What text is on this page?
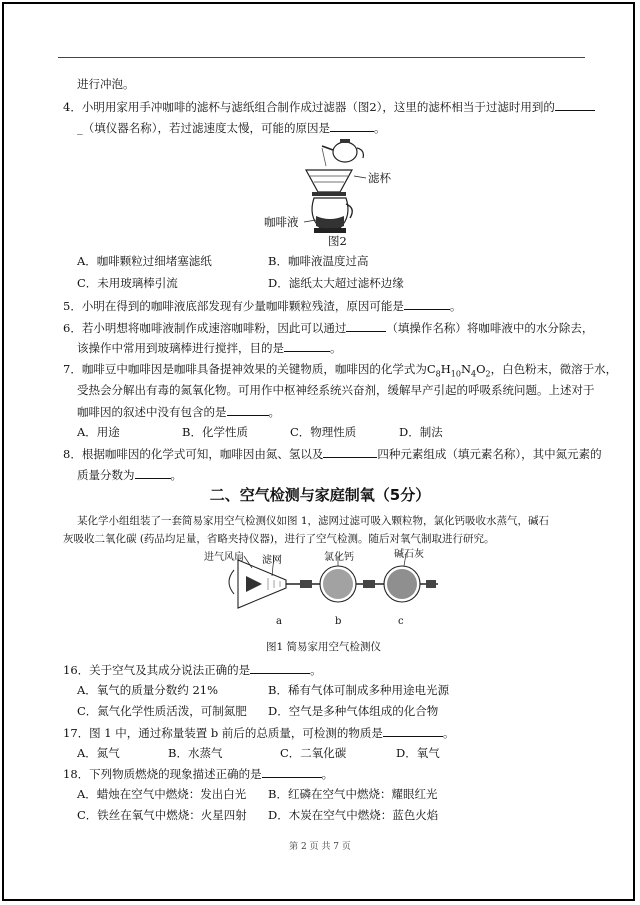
进行冲泡。
4．小明用家用手冲咖啡的滤杯与滤纸组合制作成过滤器（图2），这里的滤杯相当于过滤时用到的
_（填仪器名称），若过滤速度太慢，可能的原因是	。
滤杯
咖啡液
图2
A．咖啡颗粒过细堵塞滤纸	B．咖啡液温度过高
C．未用玻璃棒引流	D．滤纸太大超过滤杯边缘
5．小明在得到的咖啡液底部发现有少量咖啡颗粒残渣，原因可能是	。
6．若小明想将咖啡液制作成速溶咖啡粉，因此可以通过	（填操作名称）将咖啡液中的水分除去，
该操作中常用到玻璃棒进行搅拌，目的是	。
7．咖啡豆中咖啡因是咖啡具备提神效果的关键物质，咖啡因的化学式为$C_8H_{10}N_4O_2$，白色粉末，微溶于水，
受热会分解出有毒的氮氧化物。可用作中枢神经系统兴奋剂，缓解早产引起的呼吸系统问题。上述对于
咖啡因的叙述中没有包含的是	。
A．用途	B．化学性质	C．物理性质	D．制法
8．根据咖啡因的化学式可知，咖啡因由氮、氢以及	四种元素组成（填元素名称），其中氮元素的
质量分数为	。
二、空气检测与家庭制氧（5分）
某化学小组组装了一套简易家用空气检测仪如图 1，滤网过滤可吸入颗粒物，氯化钙吸收水蒸气，碱石
灰吸收二氧化碳 (药品均足量，省略夹持仪器)，进行了空气检测。随后对氧气制取进行研究。
进气风扇 滤网	氯化钙	碱石灰
a	b	c
图1 简易家用空气检测仪
16．关于空气及其成分说法正确的是	。
A．氧气的质量分数约 21%	B．稀有气体可制成多种用途电光源
C．氮气化学性质活泼，可制氮肥 D．空气是多种气体组成的化合物
17．图 1 中，通过称量装置 b 前后的总质量，可检测的物质是	。
A．氮气	B．水蒸气	C．二氧化碳	D．氧气
18．下列物质燃烧的现象描述正确的是	。
A．蜡烛在空气中燃烧：发出白光 B．红磷在空气中燃烧：耀眼红光
C．铁丝在氧气中燃烧：火星四射 D．木炭在空气中燃烧：蓝色火焰
第 2 页 共 7 页
